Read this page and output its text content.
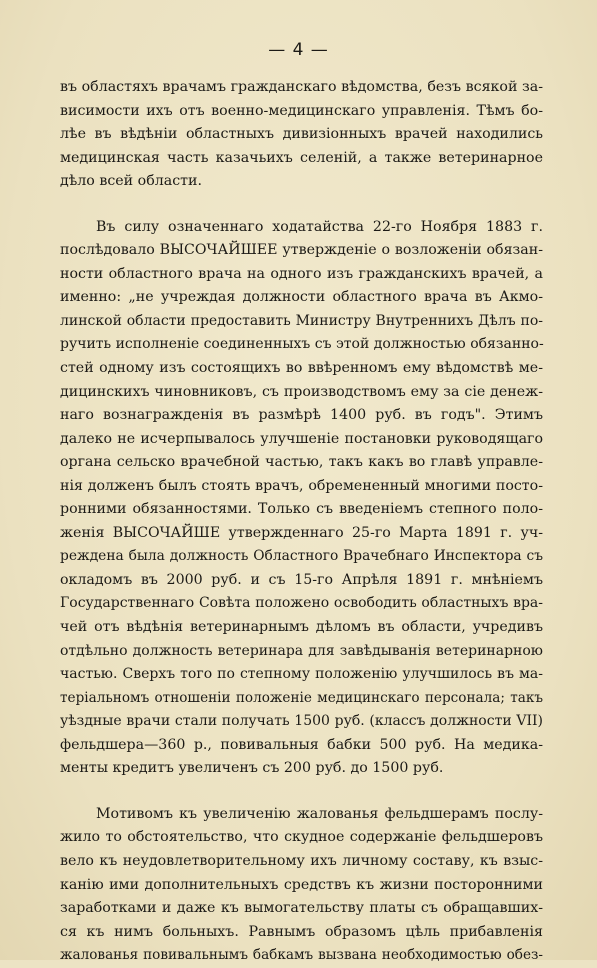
— 4 —

въ областяхъ врачамъ гражданскаго вѣдомства, безъ всякой за-
висимости ихъ отъ военно-медицинскаго управленія. Тѣмъ бо-
лѣе въ вѣдѣніи областныхъ дивизіонныхъ врачей находились
медицинская часть казачьихъ селеній, а также ветеринарное
дѣло всей области.

Въ силу означеннаго ходатайства 22-го Ноября 1883 г.
послѣдовало ВЫСОЧАЙШЕЕ утвержденіе о возложеніи обязан-
ности областного врача на одного изъ гражданскихъ врачей, а
именно: „не учреждая должности областного врача въ Акмо-
линской области предоставить Министру Внутреннихъ Дѣлъ по-
ручить исполненіе соединенныхъ съ этой должностью обязанно-
стей одному изъ состоящихъ во ввѣренномъ ему вѣдомствѣ ме-
дицинскихъ чиновниковъ, съ производствомъ ему за сіе денеж-
наго вознагражденія въ размѣрѣ 1400 руб. въ годъ". Этимъ
далеко не исчерпывалось улучшеніе постановки руководящаго
органа сельско врачебной частью, такъ какъ во главѣ управле-
нія долженъ былъ стоять врачъ, обремененный многими посто-
ронними обязанностями. Только съ введеніемъ степного поло-
женія ВЫСОЧАЙШЕ утвержденнаго 25-го Марта 1891 г. уч-
реждена была должность Областного Врачебнаго Инспектора съ
окладомъ въ 2000 руб. и съ 15-го Апрѣля 1891 г. мнѣніемъ
Государственнаго Совѣта положено освободить областныхъ вра-
чей отъ вѣдѣнія ветеринарнымъ дѣломъ въ области, учредивъ
отдѣльно должность ветеринара для завѣдыванія ветеринарною
частью. Сверхъ того по степному положенію улучшилось въ ма-
теріальномъ отношеніи положеніе медицинскаго персонала; такъ
уѣздные врачи стали получать 1500 руб. (классъ должности VII)
фельдшера—360 р., повивальныя бабки 500 руб. На медика-
менты кредитъ увеличенъ съ 200 руб. до 1500 руб.

Мотивомъ къ увеличенію жалованья фельдшерамъ послу-
жило то обстоятельство, что скудное содержаніе фельдшеровъ
вело къ неудовлетворительному ихъ личному составу, къ взыс-
канію ими дополнительныхъ средствъ къ жизни посторонними
заработками и даже къ вымогательству платы съ обращавших-
ся къ нимъ больныхъ. Равнымъ образомъ цѣль прибавленія
жалованья повивальнымъ бабкамъ вызвана необходимостью обез-
